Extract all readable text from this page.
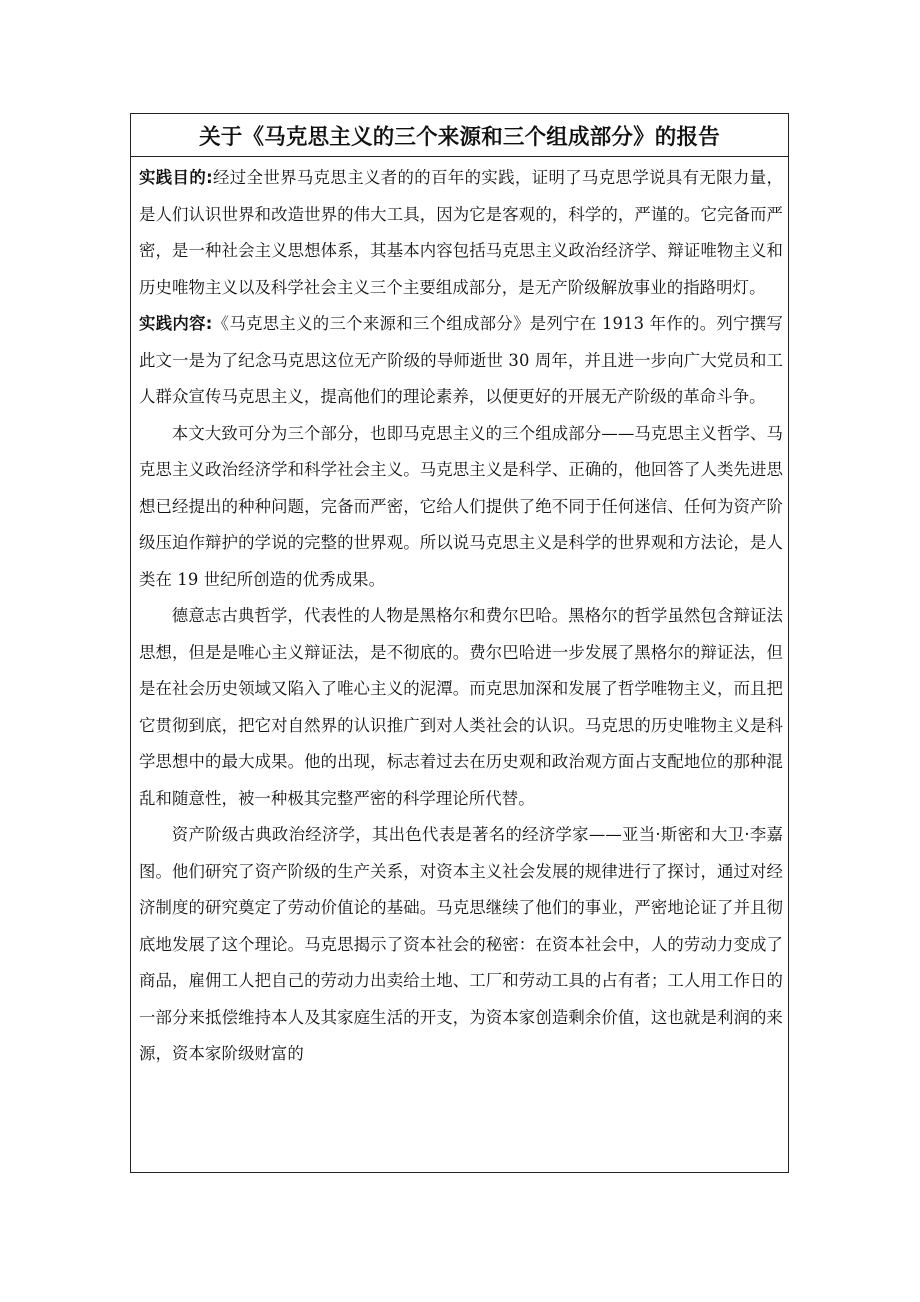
关于《马克思主义的三个来源和三个组成部分》的报告

实践目的:经过全世界马克思主义者的的百年的实践，证明了马克思学说具有无限力量，是人们认识世界和改造世界的伟大工具，因为它是客观的，科学的，严谨的。它完备而严密，是一种社会主义思想体系，其基本内容包括马克思主义政治经济学、辩证唯物主义和历史唯物主义以及科学社会主义三个主要组成部分，是无产阶级解放事业的指路明灯。

实践内容:《马克思主义的三个来源和三个组成部分》是列宁在 1913 年作的。列宁撰写此文一是为了纪念马克思这位无产阶级的导师逝世 30 周年，并且进一步向广大党员和工人群众宣传马克思主义，提高他们的理论素养，以便更好的开展无产阶级的革命斗争。

本文大致可分为三个部分，也即马克思主义的三个组成部分——马克思主义哲学、马克思主义政治经济学和科学社会主义。马克思主义是科学、正确的，他回答了人类先进思想已经提出的种种问题，完备而严密，它给人们提供了绝不同于任何迷信、任何为资产阶级压迫作辩护的学说的完整的世界观。所以说马克思主义是科学的世界观和方法论，是人类在 19 世纪所创造的优秀成果。

德意志古典哲学，代表性的人物是黑格尔和费尔巴哈。黑格尔的哲学虽然包含辩证法思想，但是是唯心主义辩证法，是不彻底的。费尔巴哈进一步发展了黑格尔的辩证法，但是在社会历史领域又陷入了唯心主义的泥潭。而克思加深和发展了哲学唯物主义，而且把它贯彻到底，把它对自然界的认识推广到对人类社会的认识。马克思的历史唯物主义是科学思想中的最大成果。他的出现，标志着过去在历史观和政治观方面占支配地位的那种混乱和随意性，被一种极其完整严密的科学理论所代替。

资产阶级古典政治经济学，其出色代表是著名的经济学家——亚当·斯密和大卫·李嘉图。他们研究了资产阶级的生产关系，对资本主义社会发展的规律进行了探讨，通过对经济制度的研究奠定了劳动价值论的基础。马克思继续了他们的事业，严密地论证了并且彻底地发展了这个理论。马克思揭示了资本社会的秘密：在资本社会中，人的劳动力变成了商品，雇佣工人把自己的劳动力出卖给土地、工厂和劳动工具的占有者；工人用工作日的一部分来抵偿维持本人及其家庭生活的开支，为资本家创造剩余价值，这也就是利润的来源，资本家阶级财富的
